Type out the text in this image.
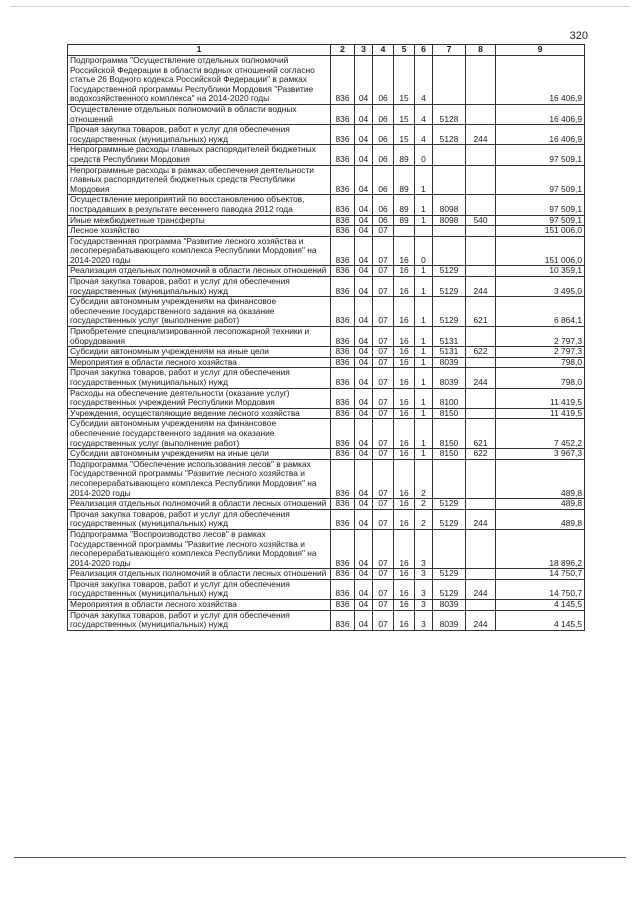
320
1	2	3	4	5	6	7	8	9
Подпрограмма "Осуществление отдельных полномочий Российской Федерации в области водных отношений согласно статье 26 Водного кодекса Российской Федерации" в рамках Государственной программы Республики Мордовия "Развитие водохозяйственного комплекса" на 2014-2020 годы	836	04	06	15	4			16 406,9
Осуществление отдельных полномочий в области водных отношений	836	04	06	15	4	5128		16 406,9
Прочая закупка товаров, работ и услуг для обеспечения государственных (муниципальных) нужд	836	04	06	15	4	5128	244	16 406,9
Непрограммные расходы главных распорядителей бюджетных средств Республики Мордовия	836	04	06	89	0			97 509,1
Непрограммные расходы в рамках обеспечения деятельности главных распорядителей бюджетных средств Республики Мордовия	836	04	06	89	1			97 509,1
Осуществление мероприятий по восстановлению объектов, пострадавших в результате весеннего паводка 2012 года	836	04	06	89	1	8098		97 509,1
Иные межбюджетные трансферты	836	04	06	89	1	8098	540	97 509,1
Лесное хозяйство	836	04	07					151 006,0
Государственная программа "Развитие лесного хозяйства и лесоперерабатывающего комплекса Республики Мордовия" на 2014-2020 годы	836	04	07	16	0			151 006,0
Реализация отдельных полномочий в области лесных отношений	836	04	07	16	1	5129		10 359,1
Прочая закупка товаров, работ и услуг для обеспечения государственных (муниципальных) нужд	836	04	07	16	1	5129	244	3 495,0
Субсидии автономным учреждениям на финансовое обеспечение государственного задания на оказание государственных услуг (выполнение работ)	836	04	07	16	1	5129	621	6 864,1
Приобретение специализированной лесопожарной техники и оборудования	836	04	07	16	1	5131		2 797,3
Субсидии автономным учреждениям на иные цели	836	04	07	16	1	5131	622	2 797,3
Мероприятия в области лесного хозяйства	836	04	07	16	1	8039		798,0
Прочая закупка товаров, работ и услуг для обеспечения государственных (муниципальных) нужд	836	04	07	16	1	8039	244	798,0
Расходы на обеспечение деятельности (оказание услуг) государственных учреждений Республики Мордовия	836	04	07	16	1	8100		11 419,5
Учреждения, осуществляющие ведение лесного хозяйства	836	04	07	16	1	8150		11 419,5
Субсидии автономным учреждениям на финансовое обеспечение государственного задания на оказание государственных услуг (выполнение работ)	836	04	07	16	1	8150	621	7 452,2
Субсидии автономным учреждениям на иные цели	836	04	07	16	1	8150	622	3 967,3
Подпрограмма "Обеспечение использования лесов" в рамках Государственной программы "Развитие лесного хозяйства и лесоперерабатывающего комплекса Республики Мордовия" на 2014-2020 годы	836	04	07	16	2			489,8
Реализация отдельных полномочий в области лесных отношений	836	04	07	16	2	5129		489,8
Прочая закупка товаров, работ и услуг для обеспечения государственных (муниципальных) нужд	836	04	07	16	2	5129	244	489,8
Подпрограмма "Воспроизводство лесов" в рамках Государственной программы "Развитие лесного хозяйства и лесоперерабатывающего комплекса Республики Мордовия" на 2014-2020 годы	836	04	07	16	3			18 896,2
Реализация отдельных полномочий в области лесных отношений	836	04	07	16	3	5129		14 750,7
Прочая закупка товаров, работ и услуг для обеспечения государственных (муниципальных) нужд	836	04	07	16	3	5129	244	14 750,7
Мероприятия в области лесного хозяйства	836	04	07	16	3	8039		4 145,5
Прочая закупка товаров, работ и услуг для обеспечения государственных (муниципальных) нужд	836	04	07	16	3	8039	244	4 145,5
